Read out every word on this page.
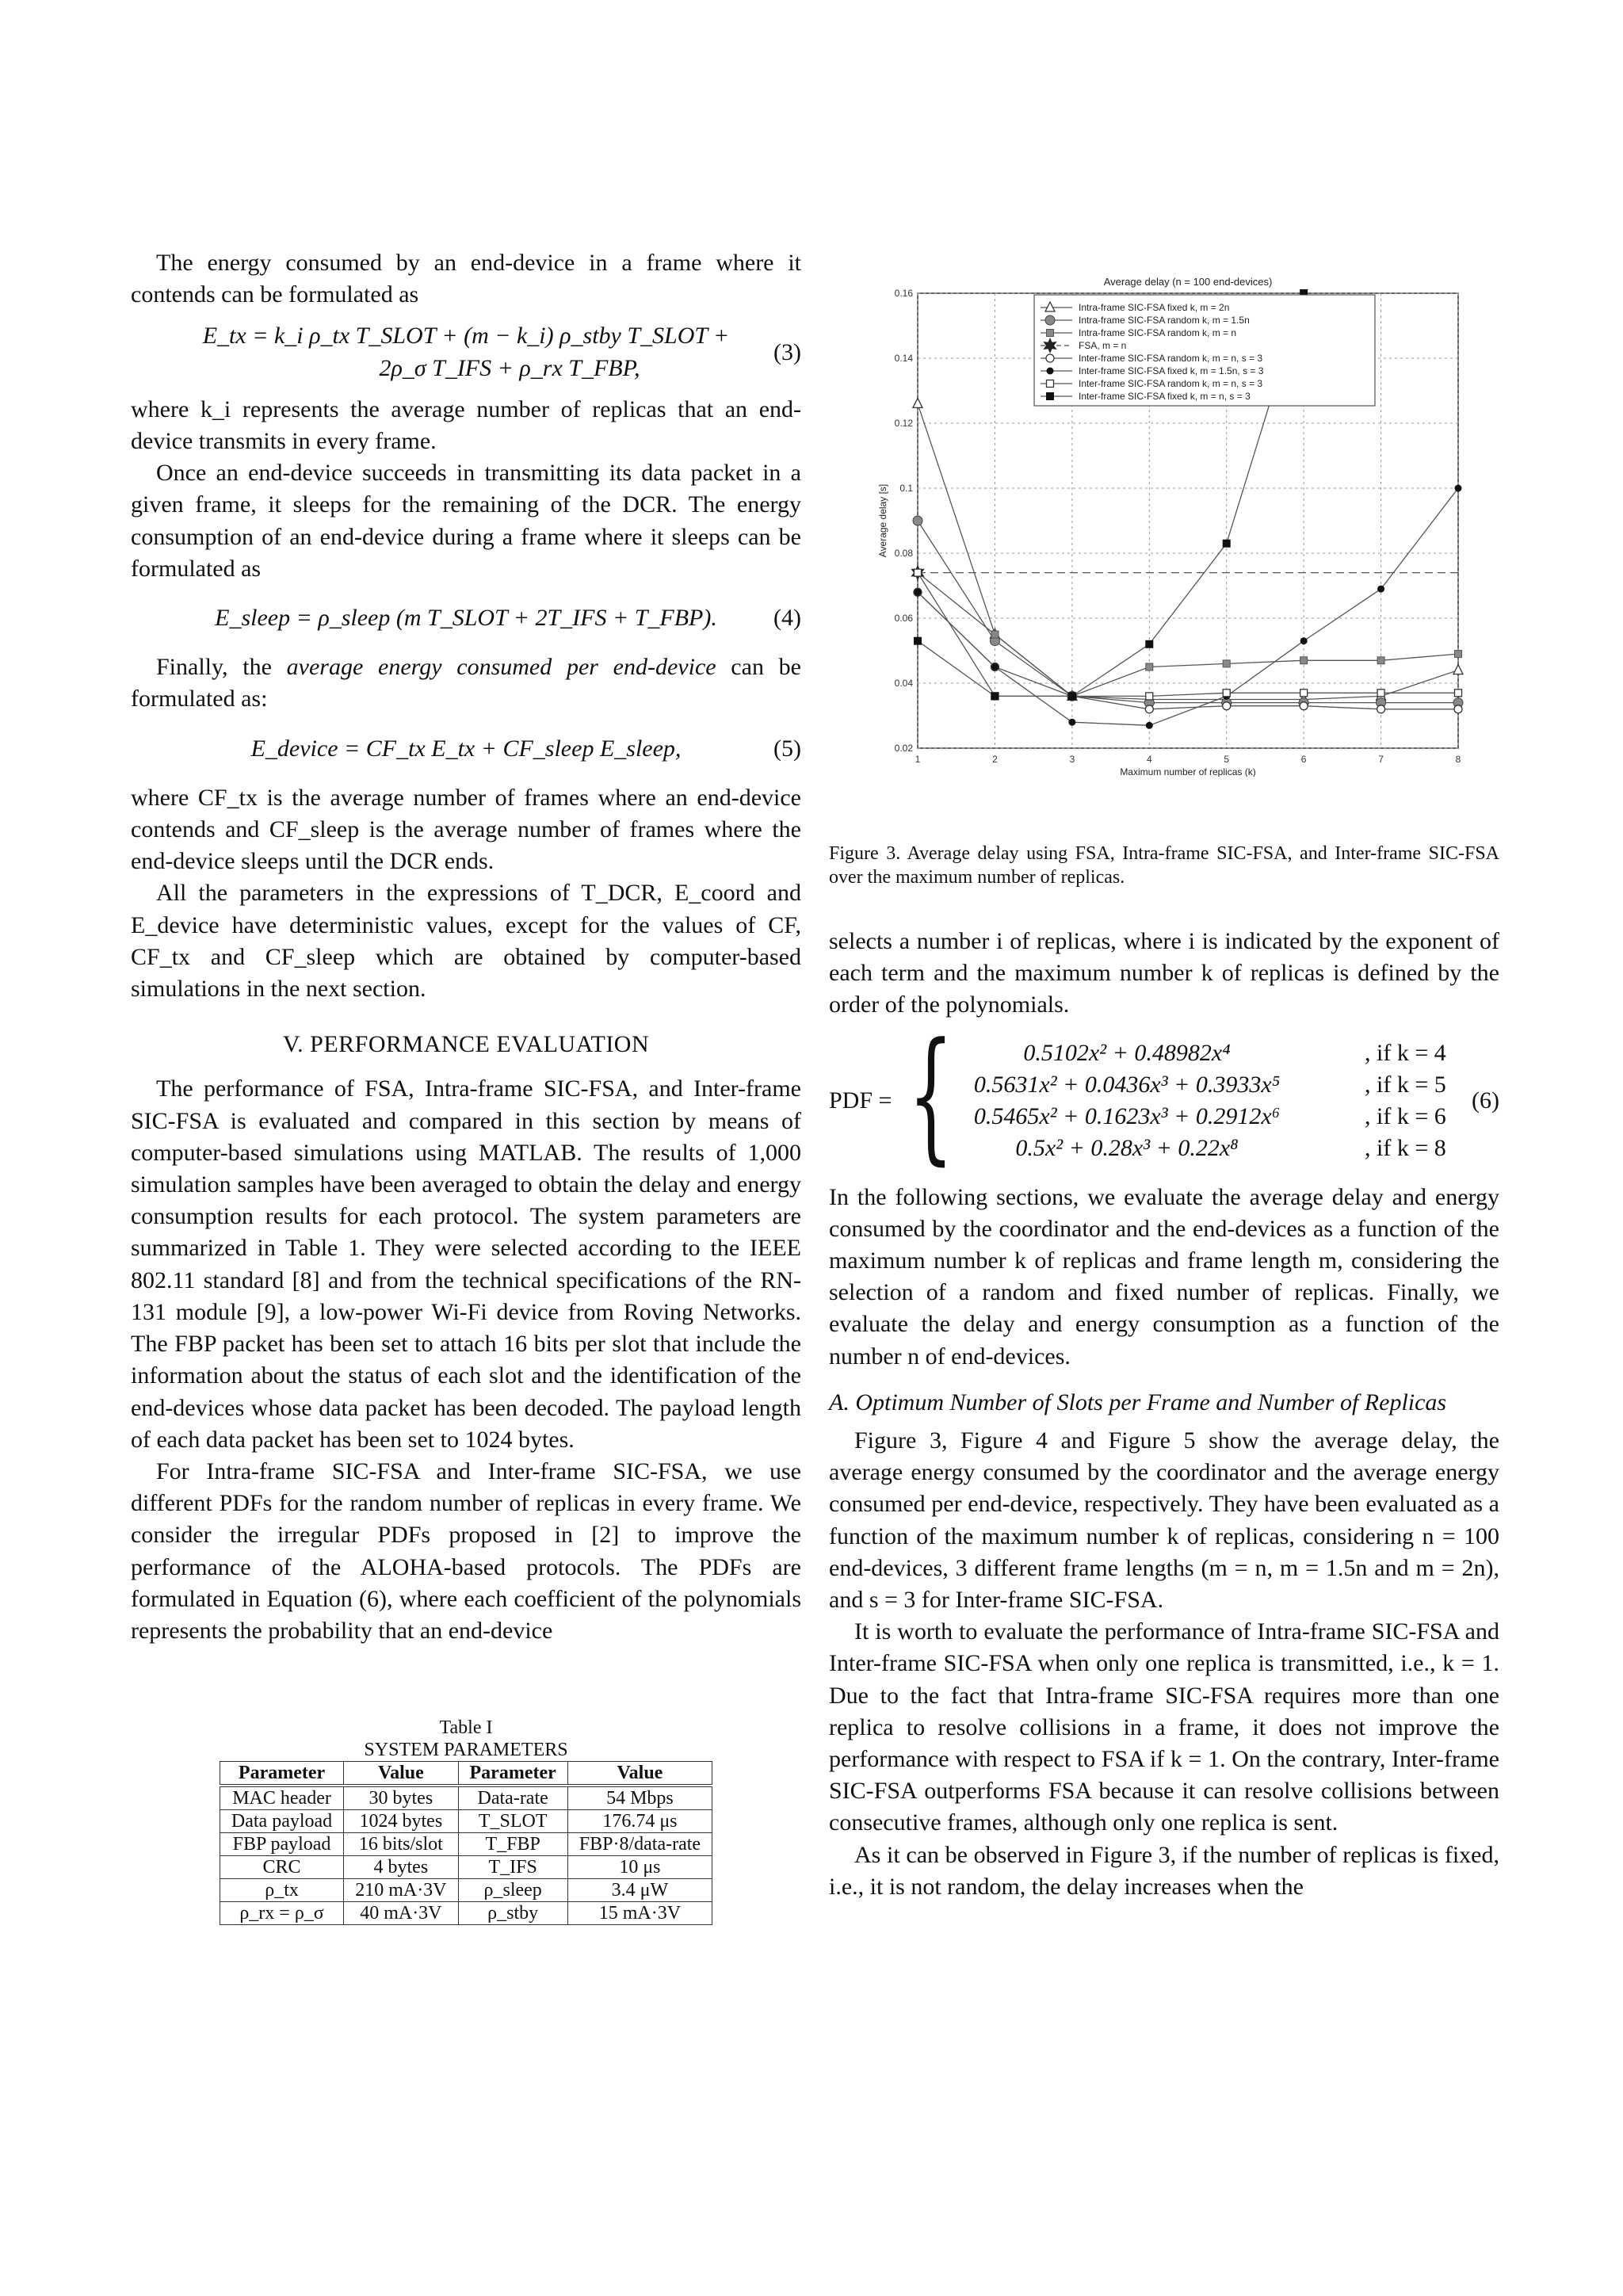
The energy consumed by an end-device in a frame where it contends can be formulated as

E_tx = k_i ρ_tx T_SLOT + (m − k_i) ρ_stby T_SLOT +
2ρ_σ T_IFS + ρ_rx T_FBP,
(3)

where k_i represents the average number of replicas that an end-device transmits in every frame.

Once an end-device succeeds in transmitting its data packet in a given frame, it sleeps for the remaining of the DCR. The energy consumption of an end-device during a frame where it sleeps can be formulated as

E_sleep = ρ_sleep (m T_SLOT + 2T_IFS + T_FBP). (4)

Finally, the average energy consumed per end-device can be formulated as:

E_device = CF_tx E_tx + CF_sleep E_sleep,	(5)

where CF_tx is the average number of frames where an end-device contends and CF_sleep is the average number of frames where the end-device sleeps until the DCR ends.

All the parameters in the expressions of T_DCR, E_coord and E_device have deterministic values, except for the values of CF, CF_tx and CF_sleep which are obtained by computer-based simulations in the next section.

V. PERFORMANCE EVALUATION

The performance of FSA, Intra-frame SIC-FSA, and Inter-frame SIC-FSA is evaluated and compared in this section by means of computer-based simulations using MATLAB. The results of 1,000 simulation samples have been averaged to obtain the delay and energy consumption results for each protocol. The system parameters are summarized in Table 1. They were selected according to the IEEE 802.11 standard [8] and from the technical specifications of the RN-131 module [9], a low-power Wi-Fi device from Roving Networks. The FBP packet has been set to attach 16 bits per slot that include the information about the status of each slot and the identification of the end-devices whose data packet has been decoded. The payload length of each data packet has been set to 1024 bytes.

For Intra-frame SIC-FSA and Inter-frame SIC-FSA, we use different PDFs for the random number of replicas in every frame. We consider the irregular PDFs proposed in [2] to improve the performance of the ALOHA-based protocols. The PDFs are formulated in Equation (6), where each coefficient of the polynomials represents the probability that an end-device

Table I
SYSTEM PARAMETERS
Parameter	Value	Parameter	Value
MAC header	30 bytes	Data-rate	54 Mbps
Data payload	1024 bytes	T_SLOT	176.74 μs
FBP payload	16 bits/slot	T_FBP	FBP·8/data-rate
CRC	4 bytes	T_IFS	10 μs
ρ_tx	210 mA·3V	ρ_sleep	3.4 μW
ρ_rx = ρ_σ	40 mA·3V	ρ_stby	15 mA·3V
1	2	3	4	5	6	7	8
0.02
0.04
0.06
0.08
0.1
0.12
0.14
0.16
Average delay (n = 100 end-devices)
Maximum number of replicas (k)
Average delay [s]
Intra-frame SIC-FSA fixed k, m = 2n
Intra-frame SIC-FSA random k, m = 1.5n
Intra-frame SIC-FSA random k, m = n
FSA, m = n
Inter-frame SIC-FSA random k, m = n, s = 3
Inter-frame SIC-FSA fixed k, m = 1.5n, s = 3
Inter-frame SIC-FSA random k, m = n, s = 3
Inter-frame SIC-FSA fixed k, m = n, s = 3
Figure 3. Average delay using FSA, Intra-frame SIC-FSA, and Inter-frame SIC-FSA over the maximum number of replicas.

selects a number i of replicas, where i is indicated by the exponent of each term and the maximum number k of replicas is defined by the order of the polynomials.

PDF = {	0.5102x² + 0.48982x⁴	, if k = 4
0.5631x² + 0.0436x³ + 0.3933x⁵	, if k = 5
0.5465x² + 0.1623x³ + 0.2912x⁶	, if k = 6
0.5x² + 0.28x³ + 0.22x⁸	, if k = 8
(6)

In the following sections, we evaluate the average delay and energy consumed by the coordinator and the end-devices as a function of the maximum number k of replicas and frame length m, considering the selection of a random and fixed number of replicas. Finally, we evaluate the delay and energy consumption as a function of the number n of end-devices.

A. Optimum Number of Slots per Frame and Number of Replicas

Figure 3, Figure 4 and Figure 5 show the average delay, the average energy consumed by the coordinator and the average energy consumed per end-device, respectively. They have been evaluated as a function of the maximum number k of replicas, considering n = 100 end-devices, 3 different frame lengths (m = n, m = 1.5n and m = 2n), and s = 3 for Inter-frame SIC-FSA.

It is worth to evaluate the performance of Intra-frame SIC-FSA and Inter-frame SIC-FSA when only one replica is transmitted, i.e., k = 1. Due to the fact that Intra-frame SIC-FSA requires more than one replica to resolve collisions in a frame, it does not improve the performance with respect to FSA if k = 1. On the contrary, Inter-frame SIC-FSA outperforms FSA because it can resolve collisions between consecutive frames, although only one replica is sent.

As it can be observed in Figure 3, if the number of replicas is fixed, i.e., it is not random, the delay increases when the
